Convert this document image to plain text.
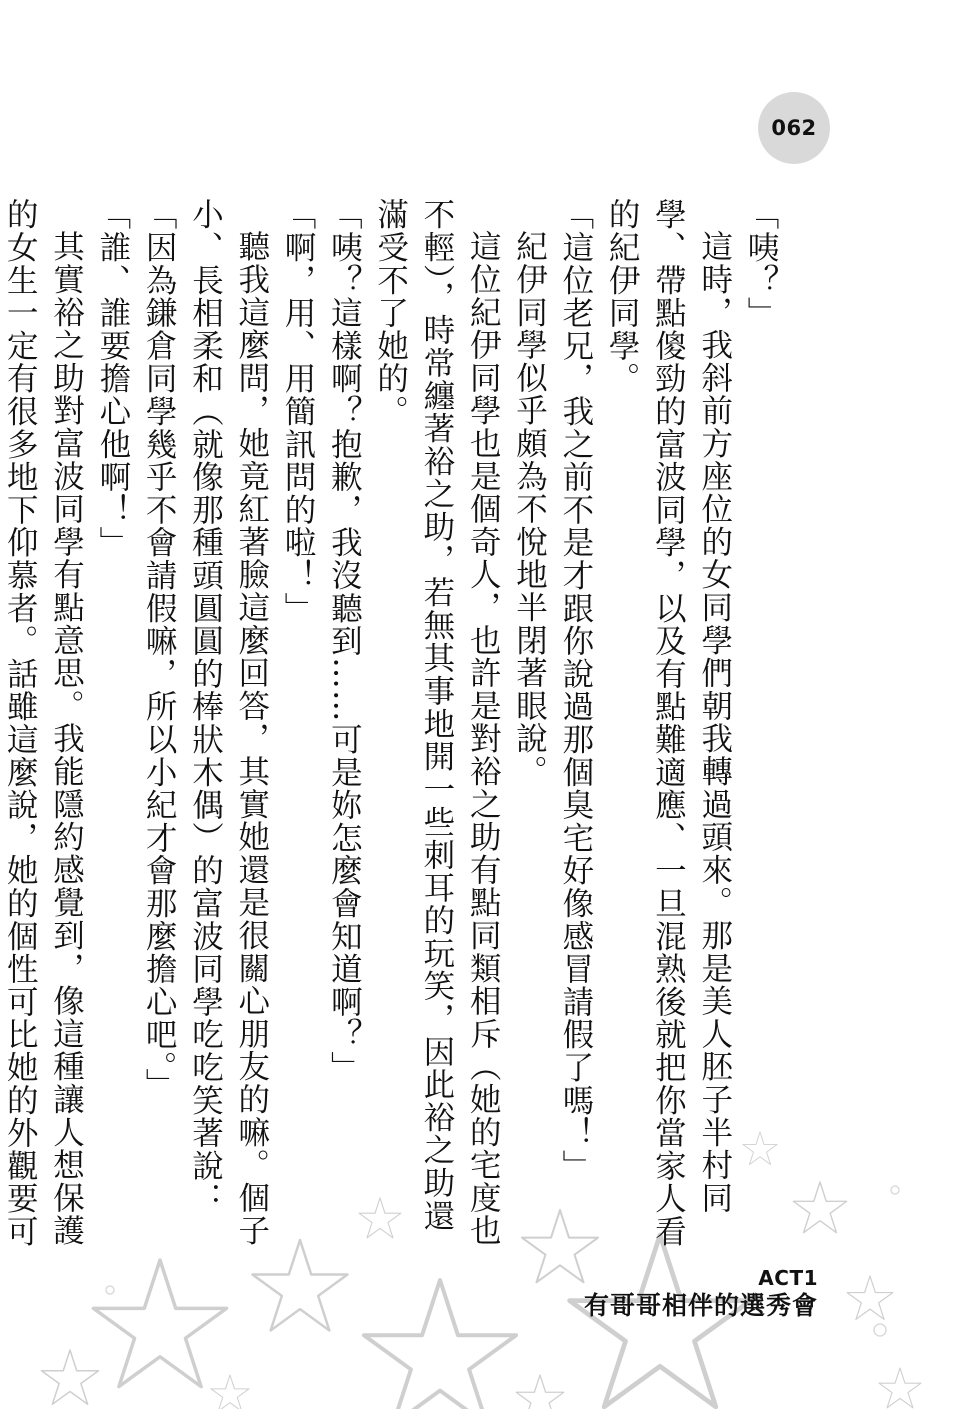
062

「咦？」

這時，我斜前方座位的女同學們朝我轉過頭來。那是美人胚子半村同學、帶點傻勁的富波同學，以及有點難適應、一旦混熟後就把你當家人看的紀伊同學。

「這位老兄，我之前不是才跟你說過那個臭宅好像感冒請假了嗎！」

紀伊同學似乎頗為不悅地半閉著眼說。

這位紀伊同學也是個奇人，也許是對裕之助有點同類相斥（她的宅度也不輕），時常纏著裕之助，若無其事地開一些刺耳的玩笑，因此裕之助還滿受不了她的。

「咦？這樣啊？抱歉，我沒聽到……可是妳怎麼會知道啊？」

「啊，用、用簡訊問的啦！」

聽我這麼問，她竟紅著臉這麼回答，其實她還是很關心朋友的嘛。個子小、長相柔和（就像那種頭圓圓的棒狀木偶）的富波同學吃吃笑著說：

「因為鎌倉同學幾乎不會請假嘛，所以小紀才會那麼擔心吧。」

「誰、誰要擔心他啊！」

其實裕之助對富波同學有點意思。我能隱約感覺到，像這種讓人想保護的女生一定有很多地下仰慕者。話雖這麼說，她的個性可比她的外觀要可

ACT1
有哥哥相伴的選秀會
